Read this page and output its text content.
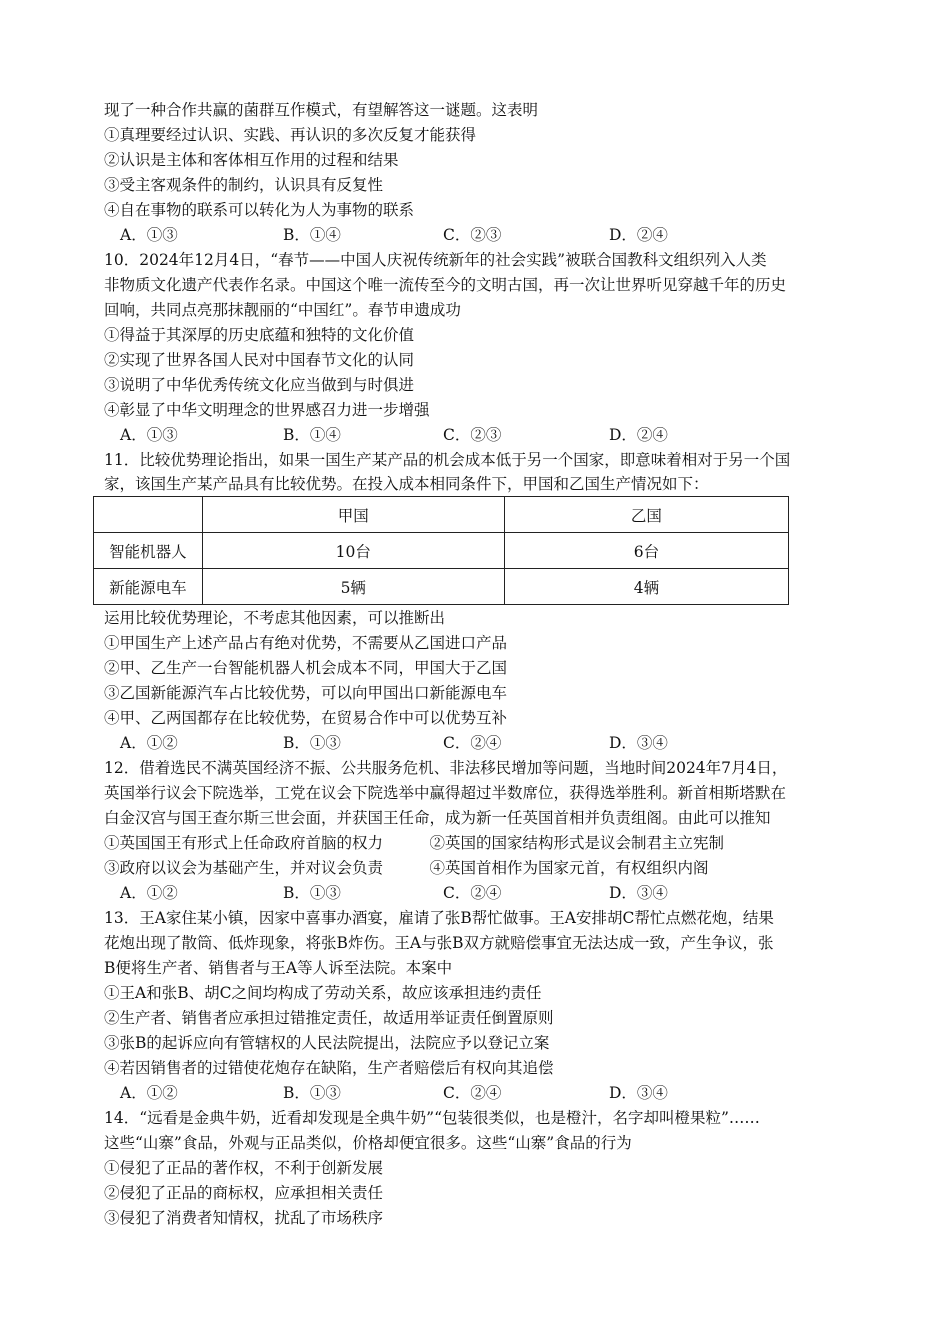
现了一种合作共赢的菌群互作模式，有望解答这一谜题。这表明
①真理要经过认识、实践、再认识的多次反复才能获得
②认识是主体和客体相互作用的过程和结果
③受主客观条件的制约，认识具有反复性
④自在事物的联系可以转化为人为事物的联系
A．①③	B．①④	C．②③	D．②④
10．2024年12月4日，“春节——中国人庆祝传统新年的社会实践”被联合国教科文组织列入人类
非物质文化遗产代表作名录。中国这个唯一流传至今的文明古国，再一次让世界听见穿越千年的历史
回响，共同点亮那抹靓丽的“中国红”。春节申遗成功
①得益于其深厚的历史底蕴和独特的文化价值
②实现了世界各国人民对中国春节文化的认同
③说明了中华优秀传统文化应当做到与时俱进
④彰显了中华文明理念的世界感召力进一步增强
A．①③	B．①④	C．②③	D．②④
11．比较优势理论指出，如果一国生产某产品的机会成本低于另一个国家，即意味着相对于另一个国
家，该国生产某产品具有比较优势。在投入成本相同条件下，甲国和乙国生产情况如下：
	甲国	乙国
智能机器人	10台	6台
新能源电车	5辆	4辆
运用比较优势理论，不考虑其他因素，可以推断出
①甲国生产上述产品占有绝对优势，不需要从乙国进口产品
②甲、乙生产一台智能机器人机会成本不同，甲国大于乙国
③乙国新能源汽车占比较优势，可以向甲国出口新能源电车
④甲、乙两国都存在比较优势，在贸易合作中可以优势互补
A．①②	B．①③	C．②④	D．③④
12．借着选民不满英国经济不振、公共服务危机、非法移民增加等问题，当地时间2024年7月4日，
英国举行议会下院选举，工党在议会下院选举中赢得超过半数席位，获得选举胜利。新首相斯塔默在
白金汉宫与国王查尔斯三世会面，并获国王任命，成为新一任英国首相并负责组阁。由此可以推知
①英国国王有形式上任命政府首脑的权力　　　②英国的国家结构形式是议会制君主立宪制
③政府以议会为基础产生，并对议会负责　　　④英国首相作为国家元首，有权组织内阁
A．①②	B．①③	C．②④	D．③④
13．王A家住某小镇，因家中喜事办酒宴，雇请了张B帮忙做事。王A安排胡C帮忙点燃花炮，结果
花炮出现了散筒、低炸现象，将张B炸伤。王A与张B双方就赔偿事宜无法达成一致，产生争议，张
B便将生产者、销售者与王A等人诉至法院。本案中
①王A和张B、胡C之间均构成了劳动关系，故应该承担违约责任
②生产者、销售者应承担过错推定责任，故适用举证责任倒置原则
③张B的起诉应向有管辖权的人民法院提出，法院应予以登记立案
④若因销售者的过错使花炮存在缺陷，生产者赔偿后有权向其追偿
A．①②	B．①③	C．②④	D．③④
14．“远看是金典牛奶，近看却发现是全典牛奶”“包装很类似，也是橙汁，名字却叫橙果粒”……
这些“山寨”食品，外观与正品类似，价格却便宜很多。这些“山寨”食品的行为
①侵犯了正品的著作权，不利于创新发展
②侵犯了正品的商标权，应承担相关责任
③侵犯了消费者知情权，扰乱了市场秩序
